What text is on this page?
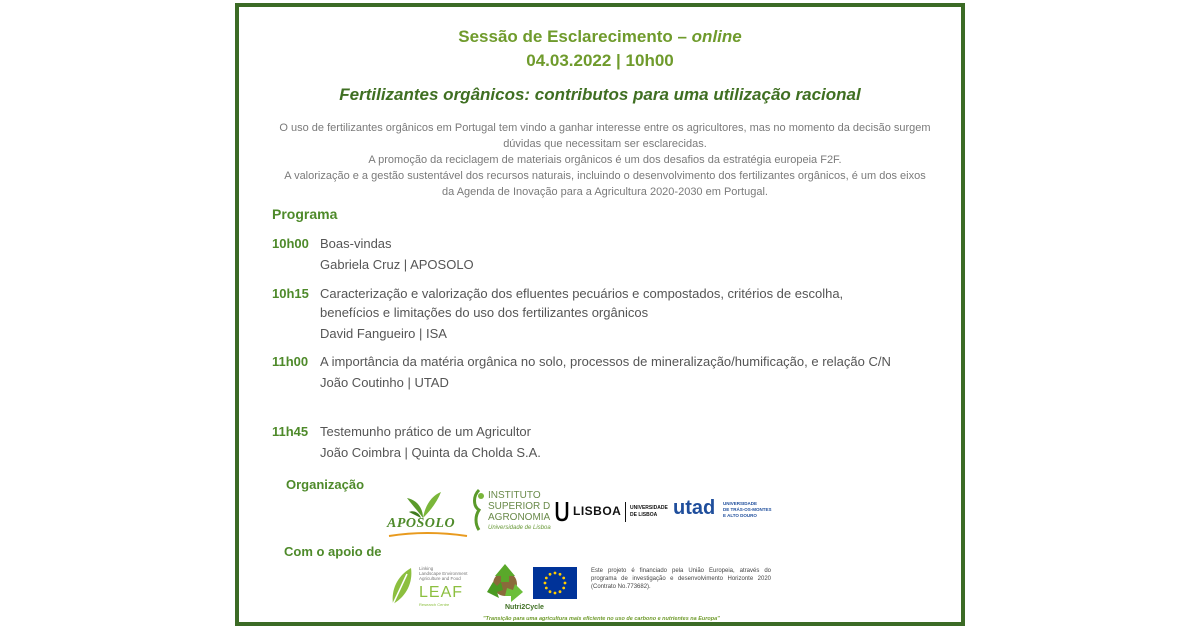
Sessão de Esclarecimento – online
04.03.2022 | 10h00
Fertilizantes orgânicos: contributos para uma utilização racional

O uso de fertilizantes orgânicos em Portugal tem vindo a ganhar interesse entre os agricultores, mas no momento da decisão surgem dúvidas que necessitam ser esclarecidas.

A promoção da reciclagem de materiais orgânicos é um dos desafios da estratégia europeia F2F.

A valorização e a gestão sustentável dos recursos naturais, incluindo o desenvolvimento dos fertilizantes orgânicos, é um dos eixos da Agenda de Inovação para a Agricultura 2020-2030 em Portugal.

Programa
10h00 Boas-vindas
Gabriela Cruz | APOSOLO
10h15 Caracterização e valorização dos efluentes pecuários e compostados, critérios de escolha, benefícios e limitações do uso dos fertilizantes orgânicos
David Fangueiro | ISA
11h00 A importância da matéria orgânica no solo, processos de mineralização/humificação, e relação C/N
João Coutinho | UTAD
11h45 Testemunho prático de um Agricultor
João Coimbra | Quinta da Cholda S.A.
Organização
APOSOLO
INSTITUTO
SUPERIOR D
AGRONOMIA
Universidade de Lisboa
LISBOA UNIVERSIDADE
DE LISBOA utad UNIVERSIDADE
DE TRÁS-OS-MONTES
E ALTO DOURO
Com o apoio de
Linking
Landscape Environment
Agriculture and Food
LEAF
Research Centre	Nutri2Cycle
Este projeto é financiado pela União Europeia, através do programa de investigação e desenvolvimento Horizonte 2020 (Contrato No.773682).
"Transição para uma agricultura mais eficiente no uso de carbono e nutrientes na Europa"
